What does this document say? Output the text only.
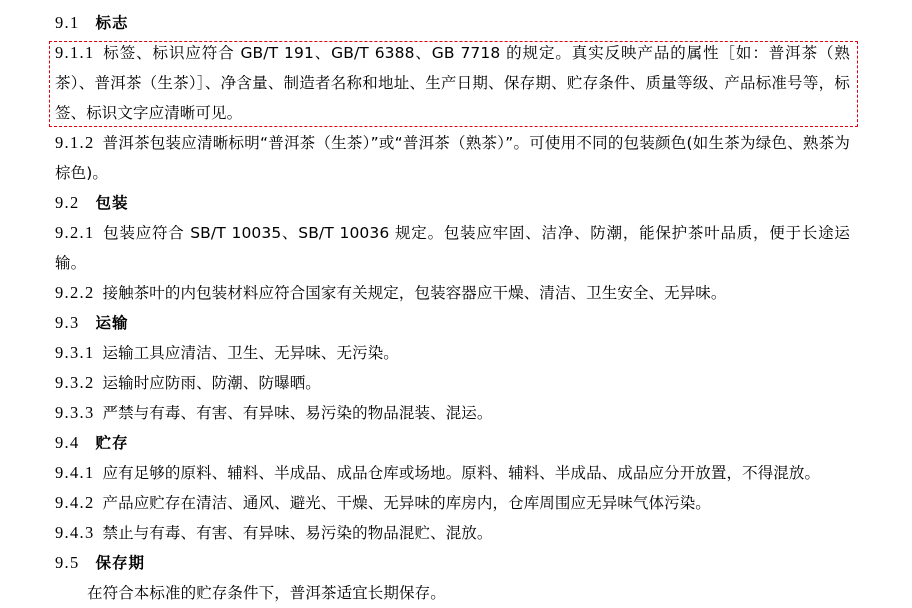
9.1 标志
9.1.1 标签、标识应符合 GB/T 191、GB/T 6388、GB 7718 的规定。真实反映产品的属性［如：普洱茶（熟茶）、普洱茶（生茶）］、净含量、制造者名称和地址、生产日期、保存期、贮存条件、质量等级、产品标准号等，标签、标识文字应清晰可见。
9.1.2 普洱茶包装应清晰标明“普洱茶（生茶）”或“普洱茶（熟茶）”。可使用不同的包装颜色(如生茶为绿色、熟茶为棕色)。
9.2 包装
9.2.1 包装应符合 SB/T 10035、SB/T 10036 规定。包装应牢固、洁净、防潮，能保护茶叶品质，便于长途运输。
9.2.2 接触茶叶的内包装材料应符合国家有关规定，包装容器应干燥、清洁、卫生安全、无异味。
9.3 运输
9.3.1 运输工具应清洁、卫生、无异味、无污染。
9.3.2 运输时应防雨、防潮、防曝晒。
9.3.3 严禁与有毒、有害、有异味、易污染的物品混装、混运。
9.4 贮存
9.4.1 应有足够的原料、辅料、半成品、成品仓库或场地。原料、辅料、半成品、成品应分开放置，不得混放。
9.4.2 产品应贮存在清洁、通风、避光、干燥、无异味的库房内，仓库周围应无异味气体污染。
9.4.3 禁止与有毒、有害、有异味、易污染的物品混贮、混放。
9.5 保存期
在符合本标准的贮存条件下，普洱茶适宜长期保存。
